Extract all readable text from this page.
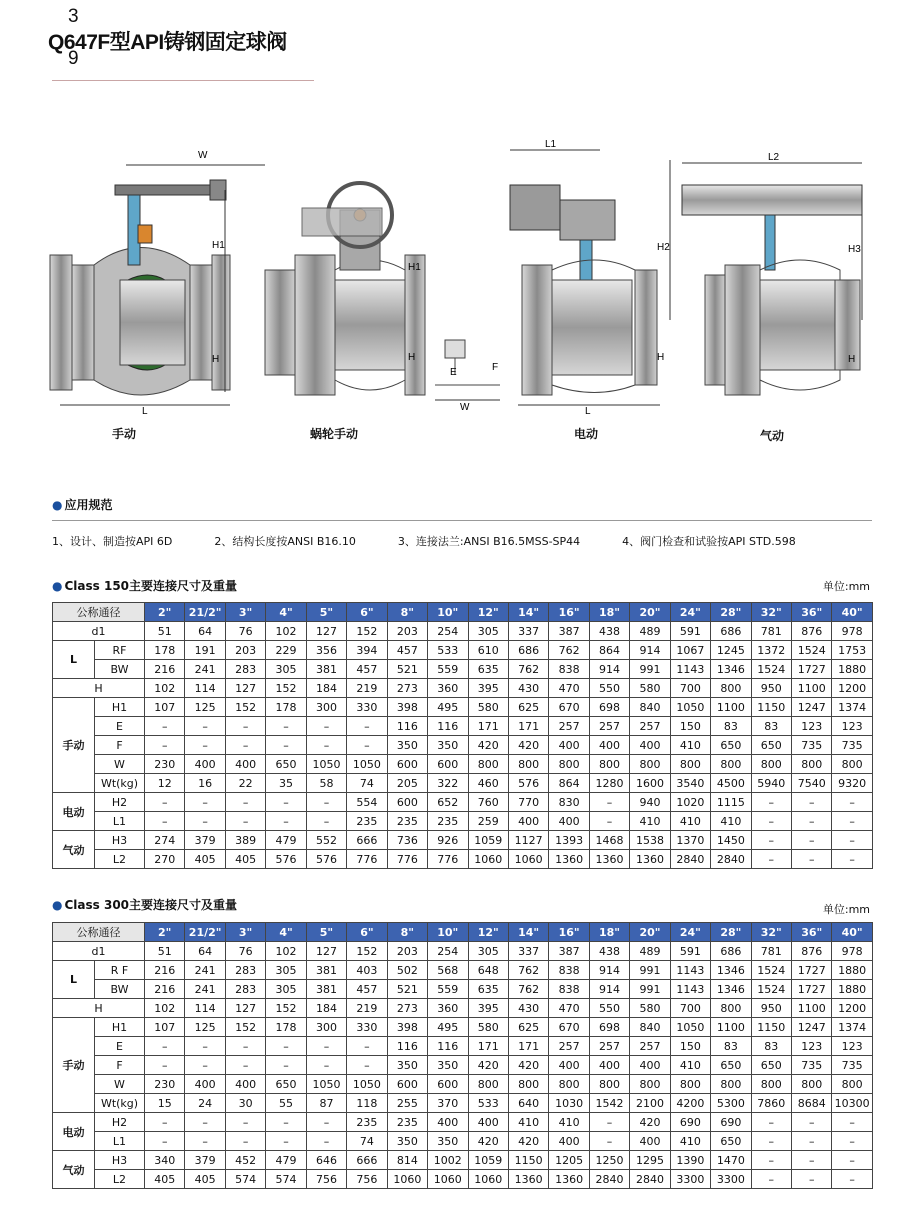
3
Q647F型API铸钢固定球阀
9
W
L
H1
H
H1
H
E	F
W
L1
H2
H
L
L2
H3
H
手动	蜗轮手动	电动	气动
● 应用规范
1、设计、制造按API 6D	2、结构长度按ANSI B16.10	3、连接法兰:ANSI B16.5MSS-SP44	4、阀门检查和试验按API STD.598
● Class 150主要连接尺寸及重量	单位:mm
公称通径		2"	21/2"	3"	4"	5"	6"	8"	10"	12"	14"	16"	18"	20"	24"	28"	32"	36"	40"
d1		51	64	76	102	127	152	203	254	305	337	387	438	489	591	686	781	876	978
L	RF	178	191	203	229	356	394	457	533	610	686	762	864	914	1067	1245	1372	1524	1753
	BW	216	241	283	305	381	457	521	559	635	762	838	914	991	1143	1346	1524	1727	1880
H		102	114	127	152	184	219	273	360	395	430	470	550	580	700	800	950	1100	1200
手动	H1	107	125	152	178	300	330	398	495	580	625	670	698	840	1050	1100	1150	1247	1374
	E	–	–	–	–	–	–	116	116	171	171	257	257	257	150	83	83	123	123
	F	–	–	–	–	–	–	350	350	420	420	400	400	400	410	650	650	735	735
	W	230	400	400	650	1050	1050	600	600	800	800	800	800	800	800	800	800	800	800
	Wt(kg)	12	16	22	35	58	74	205	322	460	576	864	1280	1600	3540	4500	5940	7540	9320
电动	H2	–	–	–	–	–	554	600	652	760	770	830	–	940	1020	1115	–	–	–
	L1	–	–	–	–	–	235	235	235	259	400	400	–	410	410	410	–	–	–
气动	H3	274	379	389	479	552	666	736	926	1059	1127	1393	1468	1538	1370	1450	–	–	–
	L2	270	405	405	576	576	776	776	776	1060	1060	1360	1360	1360	2840	2840	–	–	–
● Class 300主要连接尺寸及重量	单位:mm
公称通径		2"	21/2"	3"	4"	5"	6"	8"	10"	12"	14"	16"	18"	20"	24"	28"	32"	36"	40"
d1		51	64	76	102	127	152	203	254	305	337	387	438	489	591	686	781	876	978
L	R F	216	241	283	305	381	403	502	568	648	762	838	914	991	1143	1346	1524	1727	1880
	BW	216	241	283	305	381	457	521	559	635	762	838	914	991	1143	1346	1524	1727	1880
H		102	114	127	152	184	219	273	360	395	430	470	550	580	700	800	950	1100	1200
手动	H1	107	125	152	178	300	330	398	495	580	625	670	698	840	1050	1100	1150	1247	1374
	E	–	–	–	–	–	–	116	116	171	171	257	257	257	150	83	83	123	123
	F	–	–	–	–	–	–	350	350	420	420	400	400	400	410	650	650	735	735
	W	230	400	400	650	1050	1050	600	600	800	800	800	800	800	800	800	800	800	800
	Wt(kg)	15	24	30	55	87	118	255	370	533	640	1030	1542	2100	4200	5300	7860	8684	10300
电动	H2	–	–	–	–	–	235	235	400	400	410	410	–	420	690	690	–	–	–
	L1	–	–	–	–	–	74	350	350	420	420	400	–	400	410	650	–	–	–
气动	H3	340	379	452	479	646	666	814	1002	1059	1150	1205	1250	1295	1390	1470	–	–	–
	L2	405	405	574	574	756	756	1060	1060	1060	1360	1360	2840	2840	3300	3300	–	–	–
